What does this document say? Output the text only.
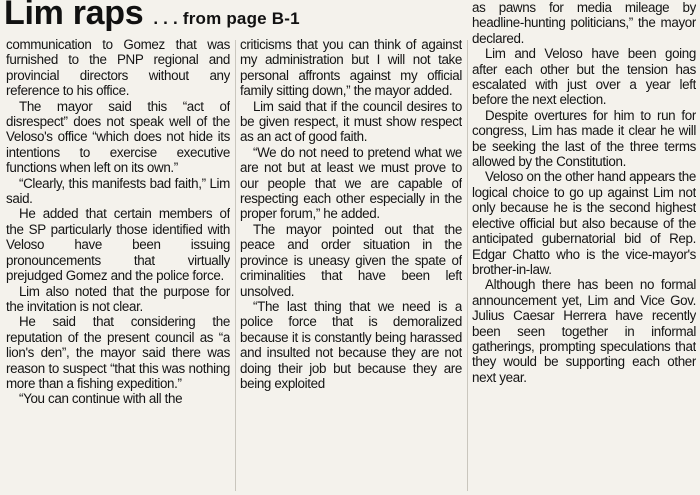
Lim raps . . . from page B-1

communication to Gomez that was furnished to the PNP regional and provincial directors without any reference to his office.

The mayor said this “act of disrespect” does not speak well of the Veloso's office “which does not hide its intentions to exercise executive functions when left on its own.”

“Clearly, this manifests bad faith,” Lim said.

He added that certain members of the SP particularly those identified with Veloso have been issuing pronouncements that virtually prejudged Gomez and the police force.

Lim also noted that the purpose for the invitation is not clear.

He said that considering the reputation of the present council as “a lion's den”, the mayor said there was reason to suspect “that this was nothing more than a fishing expedition.”

“You can continue with all the

criticisms that you can think of against my administration but I will not take personal affronts against my official family sitting down,” the mayor added.

Lim said that if the council desires to be given respect, it must show respect as an act of good faith.

“We do not need to pretend what we are not but at least we must prove to our people that we are capable of respecting each other especially in the proper forum,” he added.

The mayor pointed out that the peace and order situation in the province is uneasy given the spate of criminalities that have been left unsolved.

“The last thing that we need is a police force that is demoralized because it is constantly being harassed and insulted not because they are not doing their job but because they are being exploited

as pawns for media mileage by headline-hunting politicians,” the mayor declared.

Lim and Veloso have been going after each other but the tension has escalated with just over a year left before the next election.

Despite overtures for him to run for congress, Lim has made it clear he will be seeking the last of the three terms allowed by the Constitution.

Veloso on the other hand appears the logical choice to go up against Lim not only because he is the second highest elective official but also because of the anticipated gubernatorial bid of Rep. Edgar Chatto who is the vice-mayor's brother-in-law.

Although there has been no formal announcement yet, Lim and Vice Gov. Julius Caesar Herrera have recently been seen together in informal gatherings, prompting speculations that they would be supporting each other next year.
